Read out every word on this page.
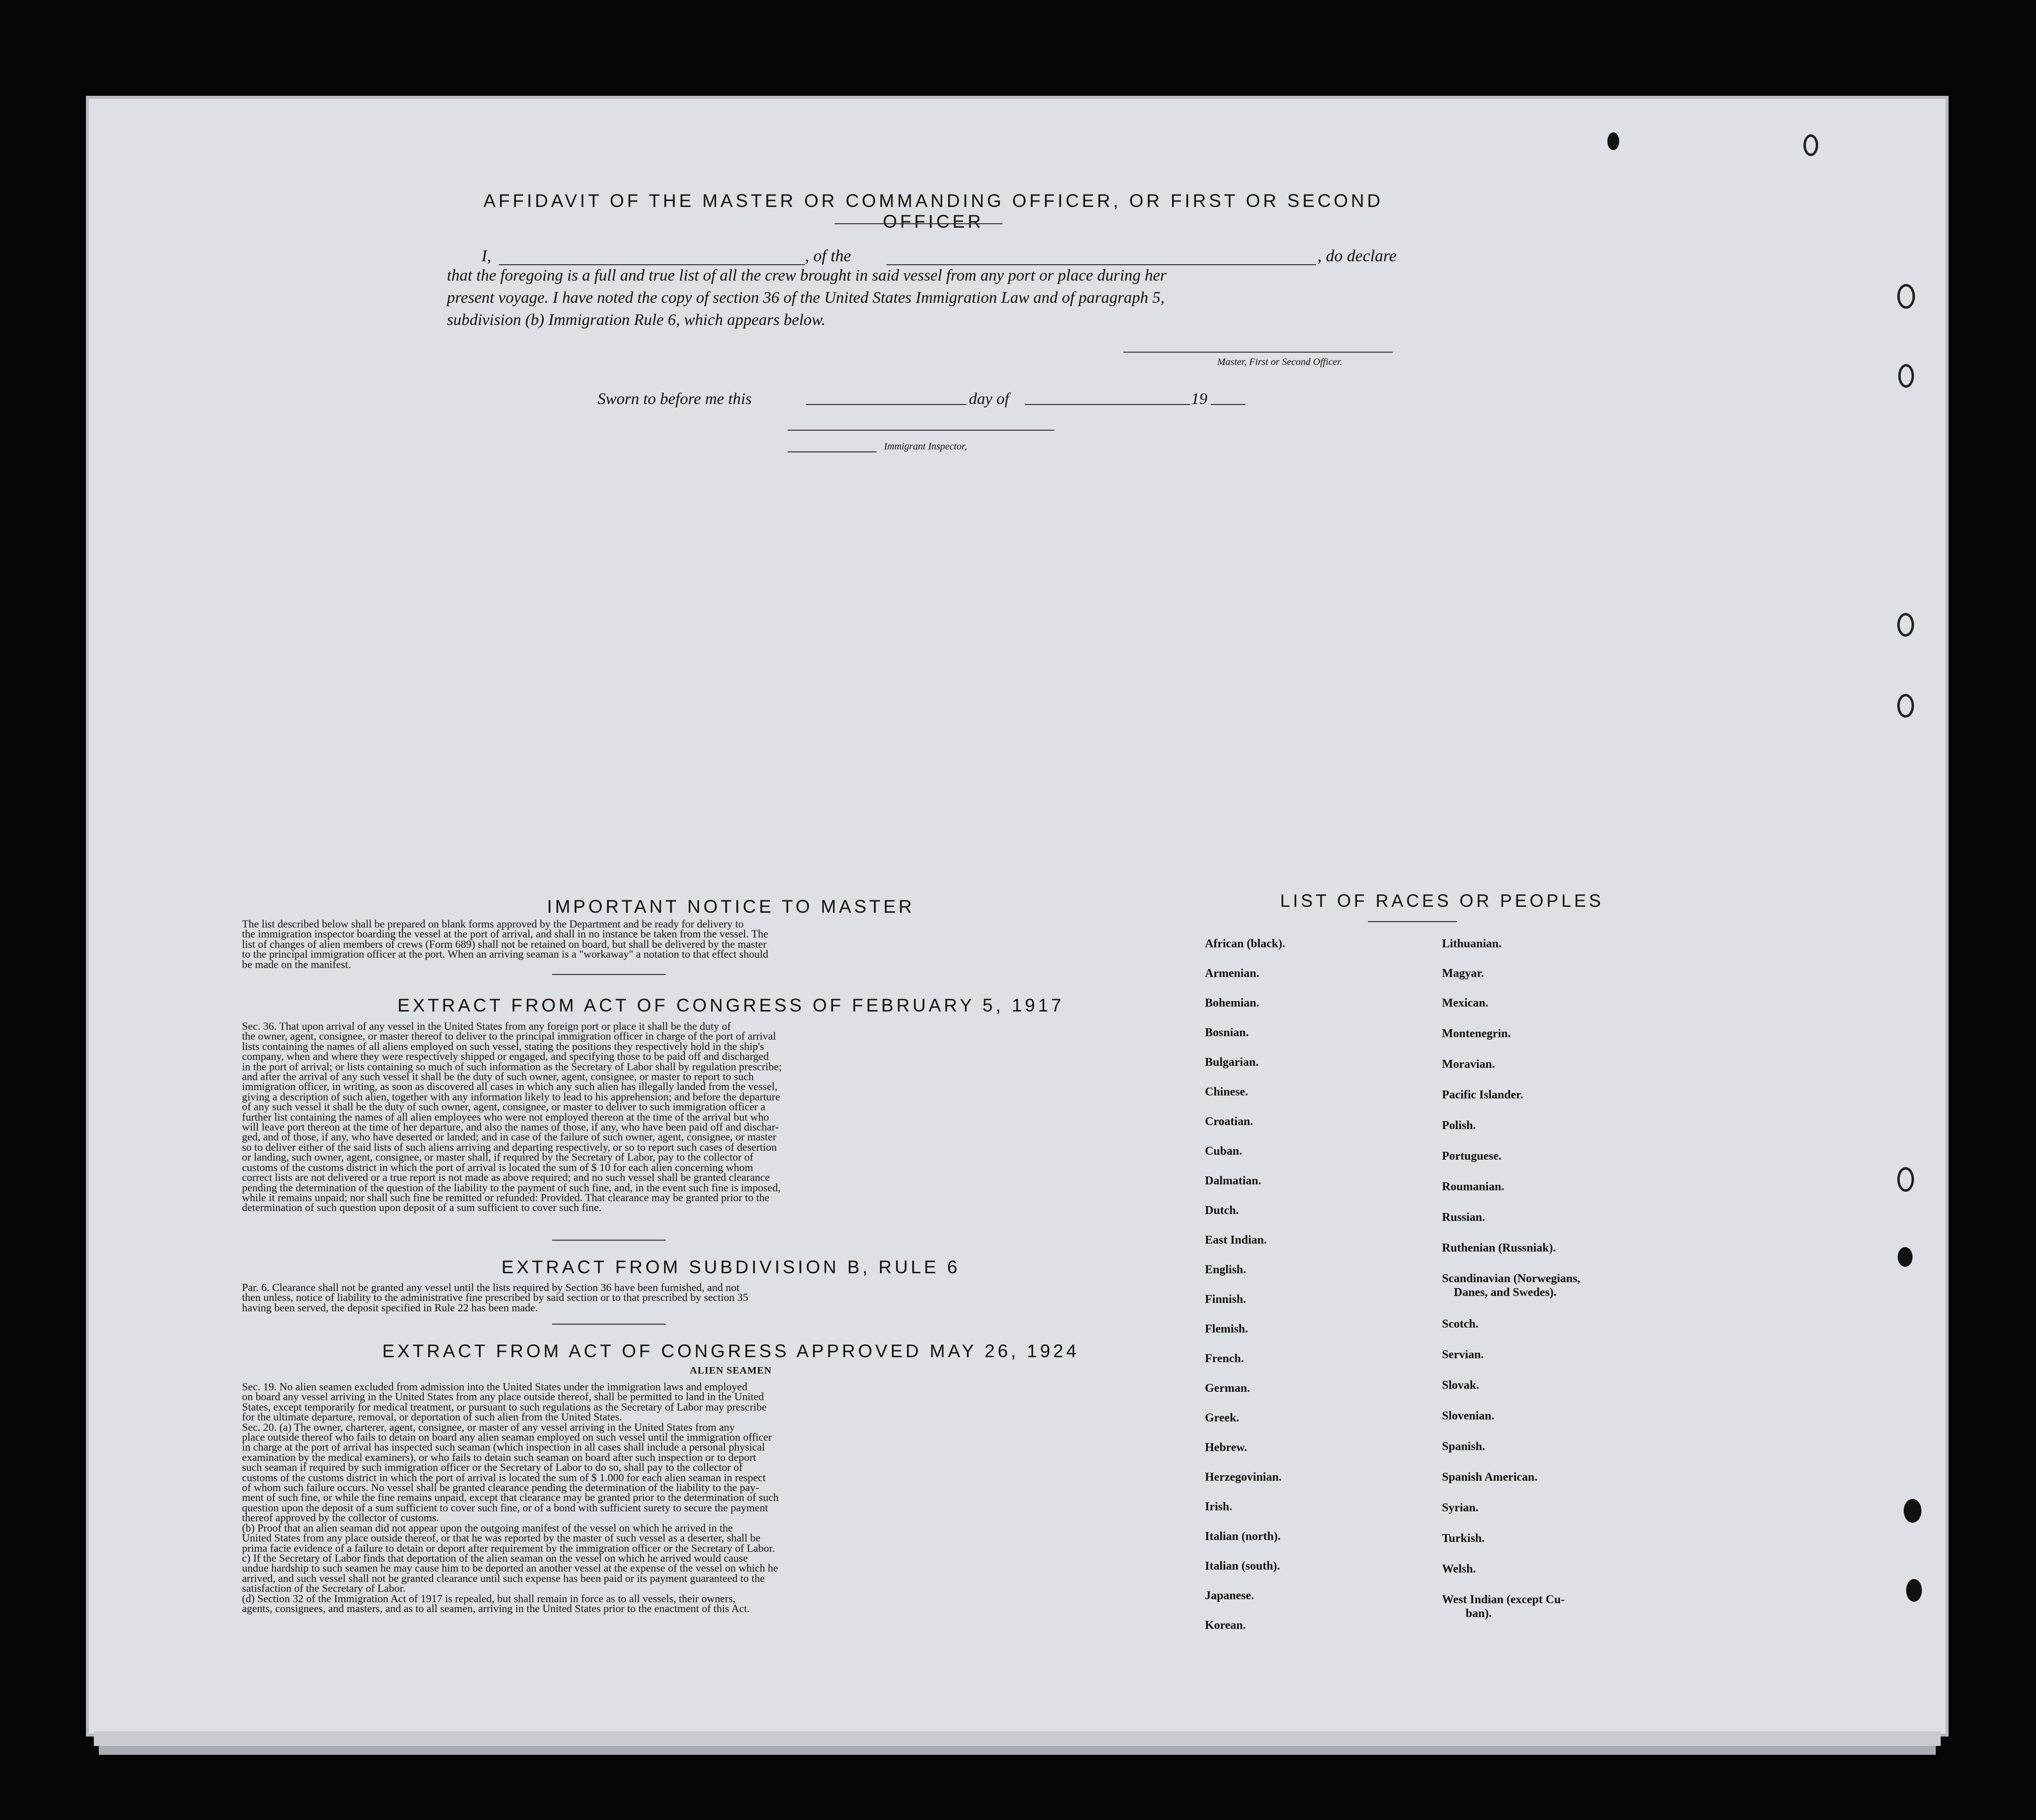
AFFIDAVIT OF THE MASTER OR COMMANDING OFFICER, OR FIRST OR SECOND OFFICER
I,	, of the	, do declare
that the foregoing is a full and true list of all the crew brought in said vessel from any port or place during her
present voyage. I have noted the copy of section 36 of the United States Immigration Law and of paragraph 5,
subdivision (b) Immigration Rule 6, which appears below.
Master, First or Second Officer.
Sworn to before me this	day of	19
Immigrant Inspector,
IMPORTANT NOTICE TO MASTER

The list described below shall be prepared on blank forms approved by the Department and be ready for delivery to

the immigration inspector boarding the vessel at the port of arrival, and shall in no instance be taken from the vessel. The

list of changes of alien members of crews (Form 689) shall not be retained on board, but shall be delivered by the master

to the principal immigration officer at the port. When an arriving seaman is a "workaway" a notation to that effect should

be made on the manifest.

EXTRACT FROM ACT OF CONGRESS OF FEBRUARY 5, 1917

Sec. 36. That upon arrival of any vessel in the United States from any foreign port or place it shall be the duty of

the owner, agent, consignee, or master thereof to deliver to the principal immigration officer in charge of the port of arrival

lists containing the names of all aliens employed on such vessel, stating the positions they respectively hold in the ship's

company, when and where they were respectively shipped or engaged, and specifying those to be paid off and discharged

in the port of arrival; or lists containing so much of such information as the Secretary of Labor shall by regulation prescribe;

and after the arrival of any such vessel it shall be the duty of such owner, agent, consignee, or master to report to such

immigration officer, in writing, as soon as discovered all cases in which any such alien has illegally landed from the vessel,

giving a description of such alien, together with any information likely to lead to his apprehension; and before the departure

of any such vessel it shall be the duty of such owner, agent, consignee, or master to deliver to such immigration officer a

further list containing the names of all alien employees who were not employed thereon at the time of the arrival but who

will leave port thereon at the time of her departure, and also the names of those, if any, who have been paid off and dischar-

ged, and of those, if any, who have deserted or landed; and in case of the failure of such owner, agent, consignee, or master

so to deliver either of the said lists of such aliens arriving and departing respectively, or so to report such cases of desertion

or landing, such owner, agent, consignee, or master shall, if required by the Secretary of Labor, pay to the collector of

customs of the customs district in which the port of arrival is located the sum of $ 10 for each alien concerning whom

correct lists are not delivered or a true report is not made as above required; and no such vessel shall be granted clearance

pending the determination of the question of the liability to the payment of such fine, and, in the event such fine is imposed,

while it remains unpaid; nor shall such fine be remitted or refunded: Provided. That clearance may be granted prior to the

determination of such question upon deposit of a sum sufficient to cover such fine.

EXTRACT FROM SUBDIVISION B, RULE 6

Par. 6. Clearance shall not be granted any vessel until the lists required by Section 36 have been furnished, and not

then unless, notice of liability to the administrative fine prescribed by said section or to that prescribed by section 35

having been served, the deposit specified in Rule 22 has been made.

EXTRACT FROM ACT OF CONGRESS APPROVED MAY 26, 1924
ALIEN SEAMEN

Sec. 19. No alien seamen excluded from admission into the United States under the immigration laws and employed

on board any vessel arriving in the United States from any place outside thereof, shall be permitted to land in the United

States, except temporarily for medical treatment, or pursuant to such regulations as the Secretary of Labor may prescribe

for the ultimate departure, removal, or deportation of such alien from the United States.

Sec. 20. (a) The owner, charterer, agent, consignee, or master of any vessel arriving in the United States from any

place outside thereof who fails to detain on board any alien seaman employed on such vessel until the immigration officer

in charge at the port of arrival has inspected such seaman (which inspection in all cases shall include a personal physical

examination by the medical examiners), or who fails to detain such seaman on board after such inspection or to deport

such seaman if required by such immigration officer or the Secretary of Labor to do so, shall pay to the collector of

customs of the customs district in which the port of arrival is located the sum of $ 1.000 for each alien seaman in respect

of whom such failure occurs. No vessel shall be granted clearance pending the determination of the liability to the pay-

ment of such fine, or while the fine remains unpaid, except that clearance may be granted prior to the determination of such

question upon the deposit of a sum sufficient to cover such fine, or of a bond with sufficient surety to secure the payment

thereof approved by the collector of customs.

(b) Proof that an alien seaman did not appear upon the outgoing manifest of the vessel on which he arrived in the

United States from any place outside thereof, or that he was reported by the master of such vessel as a deserter, shall be

prima facie evidence of a failure to detain or deport after requirement by the immigration officer or the Secretary of Labor.

c) If the Secretary of Labor finds that deportation of the alien seaman on the vessel on which he arrived would cause

undue hardship to such seamen he may cause him to be deported an another vessel at the expense of the vessel on which he

arrived, and such vessel shall not be granted clearance until such expense has been paid or its payment guaranteed to the

satisfaction of the Secretary of Labor.

(d) Section 32 of the Immigration Act of 1917 is repealed, but shall remain in force as to all vessels, their owners,

agents, consignees, and masters, and as to all seamen, arriving in the United States prior to the enactment of this Act.

LIST OF RACES OR PEOPLES
African (black).
Armenian.
Bohemian.
Bosnian.
Bulgarian.
Chinese.
Croatian.
Cuban.
Dalmatian.
Dutch.
East Indian.
English.
Finnish.
Flemish.
French.
German.
Greek.
Hebrew.
Herzegovinian.
Irish.
Italian (north).
Italian (south).
Japanese.
Korean.
Lithuanian.
Magyar.
Mexican.
Montenegrin.
Moravian.
Pacific Islander.
Polish.
Portuguese.
Roumanian.
Russian.
Ruthenian (Russniak).
Scandinavian (Norwegians,
Danes, and Swedes).
Scotch.
Servian.
Slovak.
Slovenian.
Spanish.
Spanish American.
Syrian.
Turkish.
Welsh.
West Indian (except Cu-
ban).
